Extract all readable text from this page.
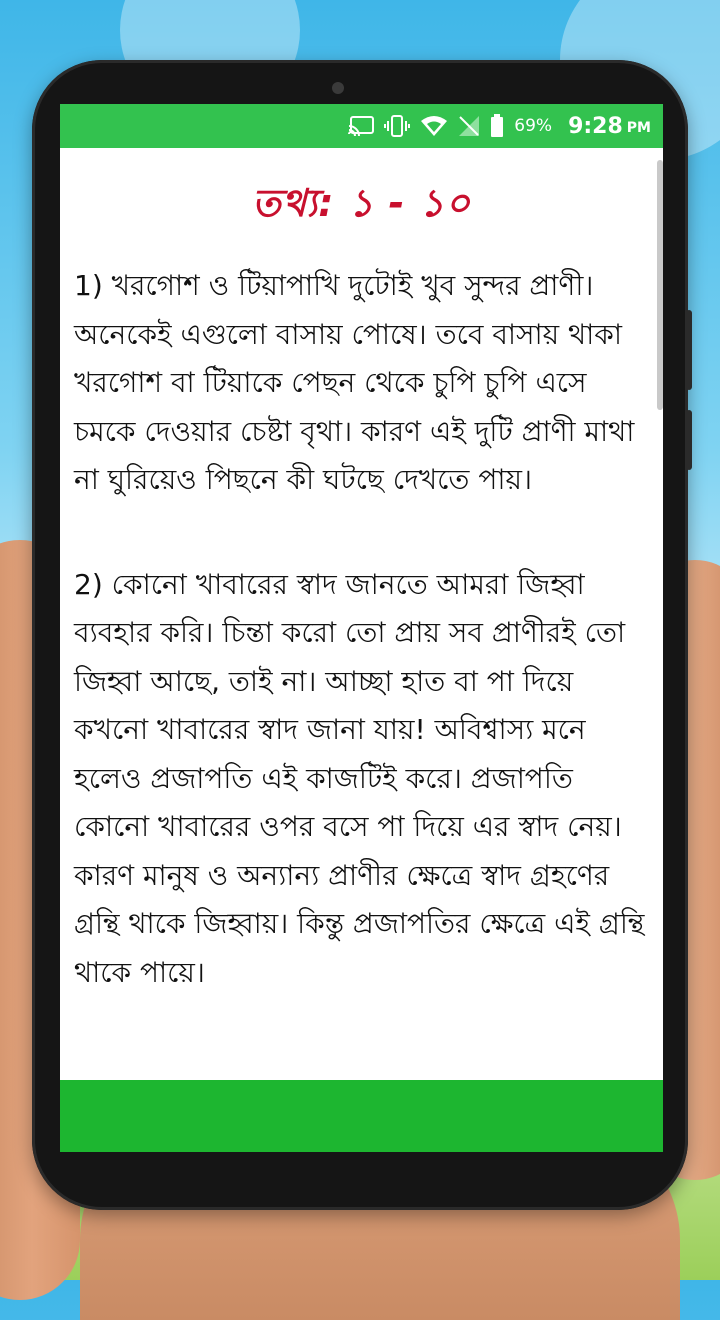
69% 9:28 PM
তথ্য: ১ - ১০

1) খরগোশ ও টিয়াপাখি দুটোই খুব সুন্দর প্রাণী। অনেকেই এগুলো বাসায় পোষে। তবে বাসায় থাকা খরগোশ বা টিয়াকে পেছন থেকে চুপি চুপি এসে চমকে দেওয়ার চেষ্টা বৃথা। কারণ এই দুটি প্রাণী মাথা না ঘুরিয়েও পিছনে কী ঘটছে দেখতে পায়।

2) কোনো খাবারের স্বাদ জানতে আমরা জিহ্বা ব্যবহার করি। চিন্তা করো তো প্রায় সব প্রাণীরই তো জিহ্বা আছে, তাই না। আচ্ছা হাত বা পা দিয়ে কখনো খাবারের স্বাদ জানা যায়! অবিশ্বাস্য মনে হলেও প্রজাপতি এই কাজটিই করে। প্রজাপতি কোনো খাবারের ওপর বসে পা দিয়ে এর স্বাদ নেয়। কারণ মানুষ ও অন্যান্য প্রাণীর ক্ষেত্রে স্বাদ গ্রহণের গ্রন্থি থাকে জিহ্বায়। কিন্তু প্রজাপতির ক্ষেত্রে এই গ্রন্থি থাকে পায়ে।
